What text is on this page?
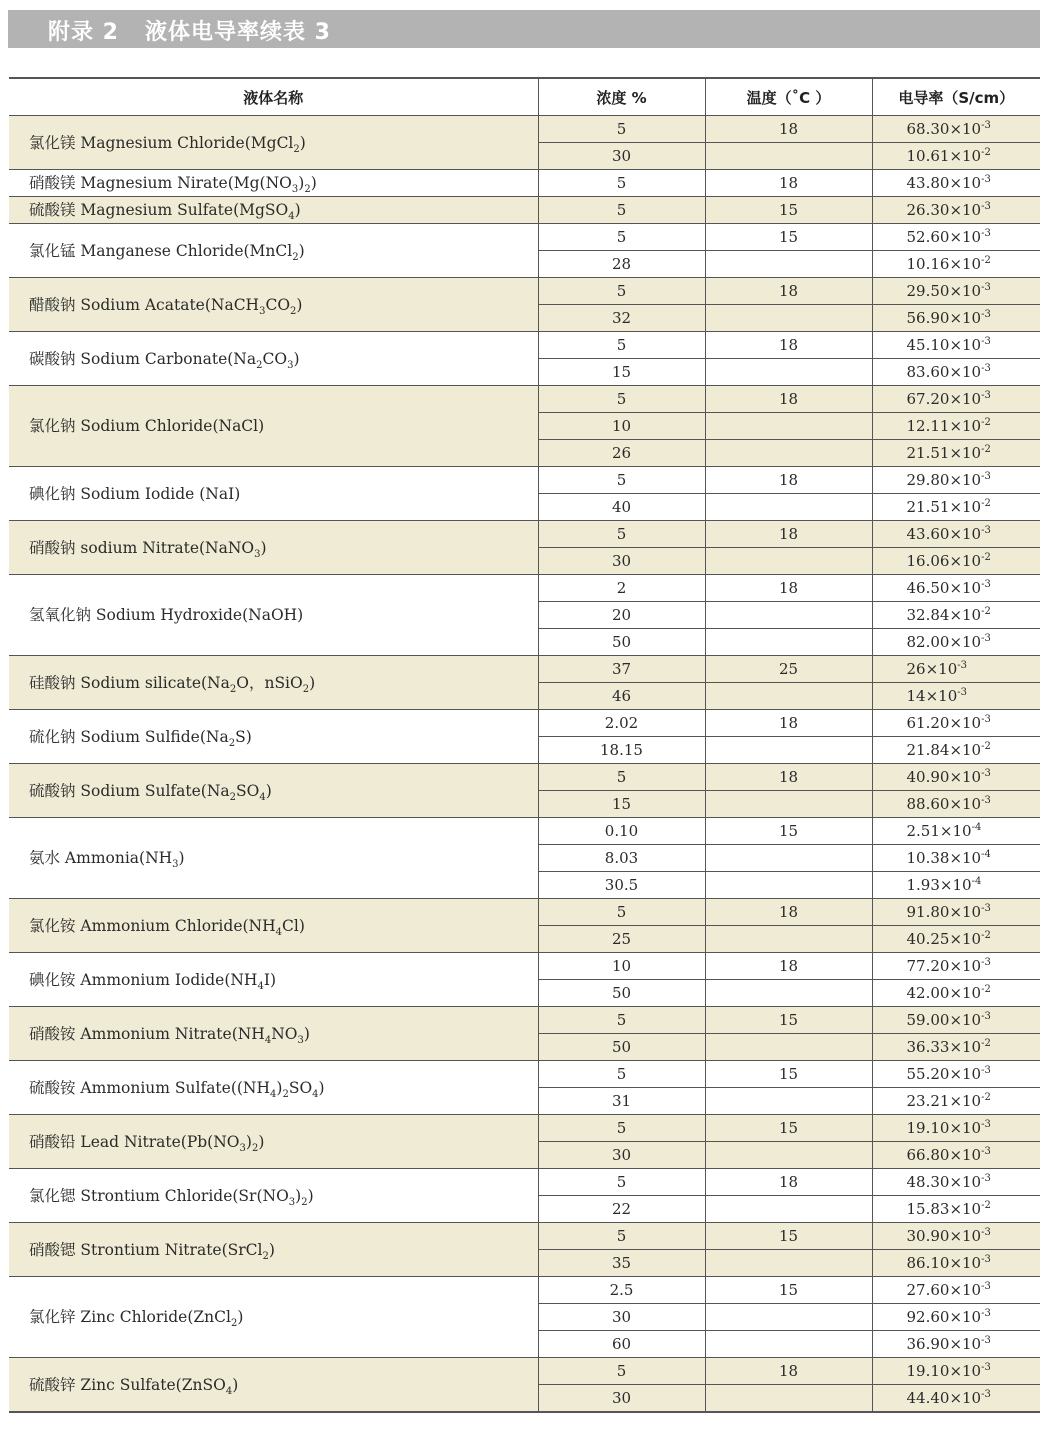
附录 2   液体电导率续表 3
液体名称	浓度 %	温度（˚C ）	电导率（S/cm）
氯化镁 Magnesium Chloride(MgCl$_2$)	5	18	$68.30\times 10^{-3}$
	30		$10.61\times 10^{-2}$
硝酸镁 Magnesium $Nirate(Mg(NO_3)_2)$	5	18	$43.80\times 10^{-3}$
硫酸镁 Magnesium Sulfate(MgSO$_4$)	5	15	$26.30\times 10^{-3}$
氯化锰 Manganese Chloride(MnCl$_2$)	5	15	$52.60\times 10^{-3}$
	28		$10.16\times 10^{-2}$
醋酸钠 Sodium $Acatate(NaCH_3CO_2)$	5	18	$29.50\times 10^{-3}$
	32		$56.90\times 10^{-3}$
碳酸钠 Sodium $Carbonate(Na_2CO_3)$	5	18	$45.10\times 10^{-3}$
	15		$83.60\times 10^{-3}$
氯化钠 Sodium Chloride(NaCl)	5	18	$67.20\times 10^{-3}$
	10		$12.11\times 10^{-2}$
	26		$21.51\times 10^{-2}$
碘化钠 Sodium Iodide (NaI)	5	18	$29.80\times 10^{-3}$
	40		$21.51\times 10^{-2}$
硝酸钠 sodium Nitrate(NaNO$_3$)	5	18	$43.60\times 10^{-3}$
	30		$16.06\times 10^{-2}$
氢氧化钠 Sodium Hydroxide(NaOH)	2	18	$46.50\times 10^{-3}$
	20		$32.84\times 10^{-2}$
	50		$82.00\times 10^{-3}$
硅酸钠 Sodium $silicate(Na_2O$，nSiO$_2$)	37	25	$26\times 10^{-3}$
	46		$14\times 10^{-3}$
硫化钠 Sodium $Sulfide(Na_2S)$	2.02	18	$61.20\times 10^{-3}$
	18.15		$21.84\times 10^{-2}$
硫酸钠 Sodium $Sulfate(Na_2SO_4)$	5	18	$40.90\times 10^{-3}$
	15		$88.60\times 10^{-3}$
氨水 $Ammonia(NH_3)$	0.10	15	$2.51\times 10^{-4}$
	8.03		$10.38\times 10^{-4}$
	30.5		$1.93\times 10^{-4}$
氯化铵 Ammonium $Chloride(NH_4Cl)$	5	18	$91.80\times 10^{-3}$
	25		$40.25\times 10^{-2}$
碘化铵 Ammonium $Iodide(NH_4I)$	10	18	$77.20\times 10^{-3}$
	50		$42.00\times 10^{-2}$
硝酸铵 Ammonium $Nitrate(NH_4NO_3)$	5	15	$59.00\times 10^{-3}$
	50		$36.33\times 10^{-2}$
硫酸铵 Ammonium $Sulfate((NH_4)_2SO_4)$	5	15	$55.20\times 10^{-3}$
	31		$23.21\times 10^{-2}$
硝酸铅 Lead $Nitrate(Pb(NO_3)_2)$	5	15	$19.10\times 10^{-3}$
	30		$66.80\times 10^{-3}$
氯化锶 Strontium $Chloride(Sr(NO_3)_2)$	5	18	$48.30\times 10^{-3}$
	22		$15.83\times 10^{-2}$
硝酸锶 Strontium Nitrate(SrCl$_2$)	5	15	$30.90\times 10^{-3}$
	35		$86.10\times 10^{-3}$
氯化锌 Zinc Chloride(ZnCl$_2$)	2.5	15	$27.60\times 10^{-3}$
	30		$92.60\times 10^{-3}$
	60		$36.90\times 10^{-3}$
硫酸锌 Zinc Sulfate(ZnSO$_4$)	5	18	$19.10\times 10^{-3}$
	30		$44.40\times 10^{-3}$
